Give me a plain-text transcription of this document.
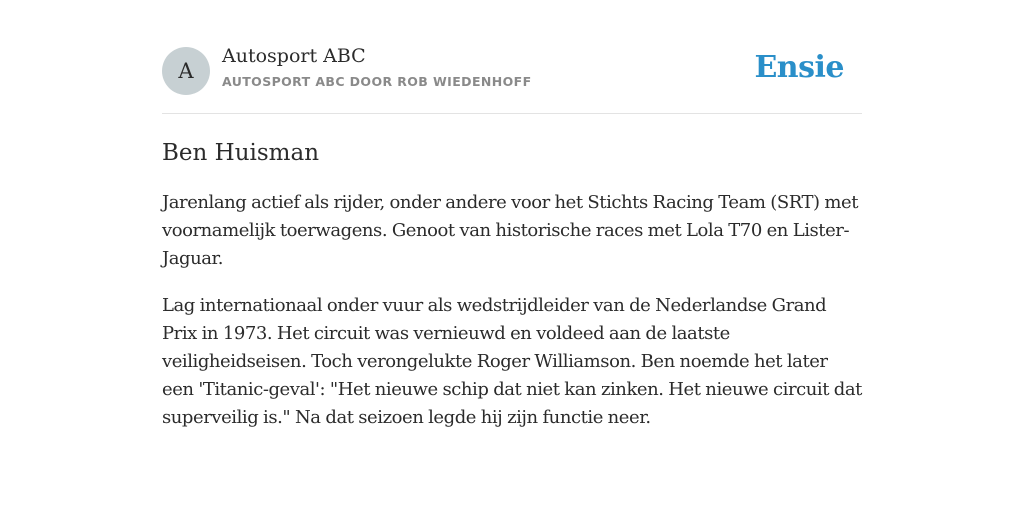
A
Autosport ABC
AUTOSPORT ABC DOOR ROB WIEDENHOFF	Ensie
Ben Huisman

Jarenlang actief als rijder, onder andere voor het Stichts Racing Team (SRT) met voornamelijk toerwagens. Genoot van historische races met Lola T70 en Lister-Jaguar.

Lag internationaal onder vuur als wedstrijdleider van de Nederlandse Grand Prix in 1973. Het circuit was vernieuwd en voldeed aan de laatste veiligheidseisen. Toch verongelukte Roger Williamson. Ben noemde het later een 'Titanic-geval': "Het nieuwe schip dat niet kan zinken. Het nieuwe circuit dat superveilig is." Na dat seizoen legde hij zijn functie neer.
